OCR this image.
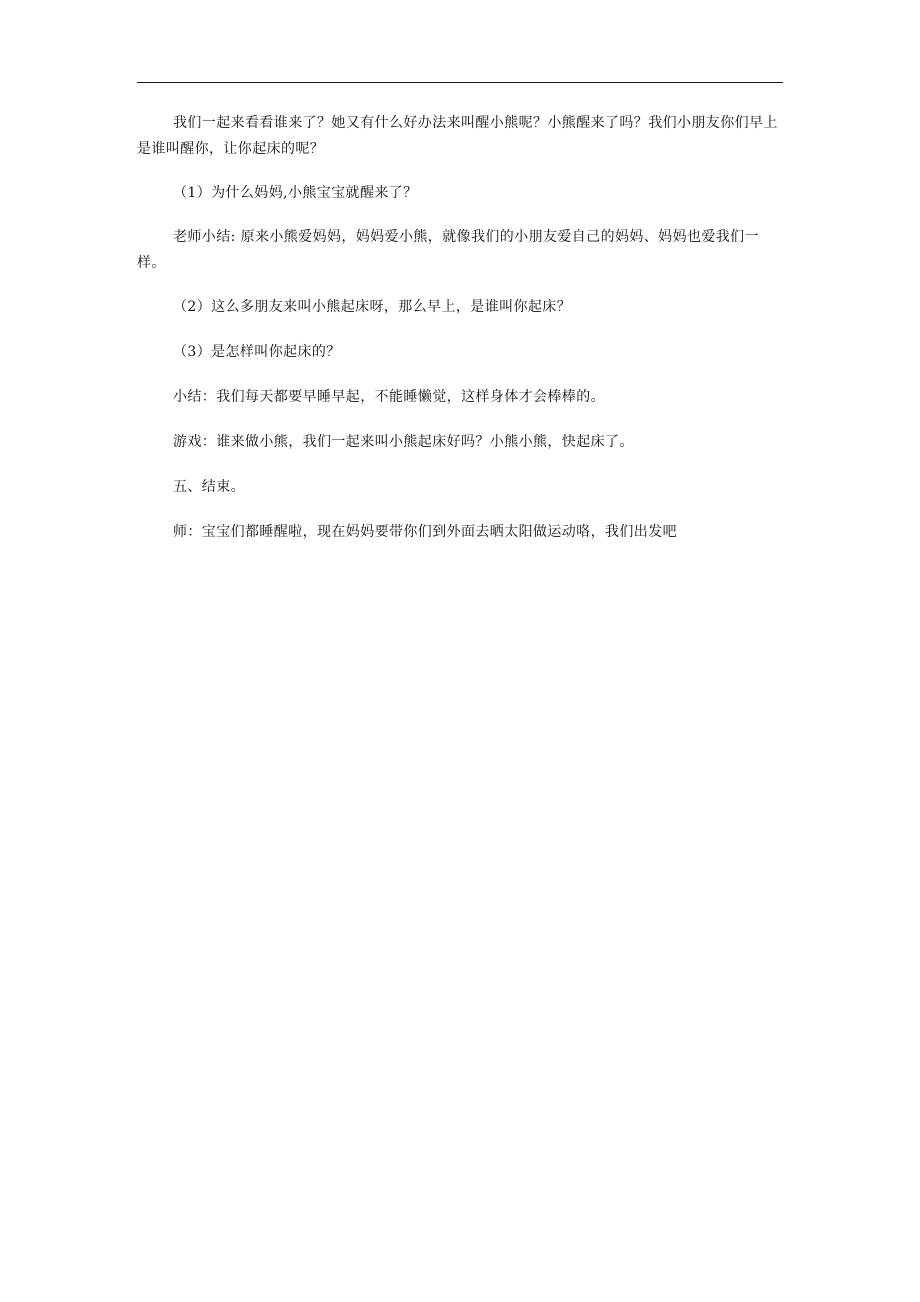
我们一起来看看谁来了？她又有什么好办法来叫醒小熊呢？小熊醒来了吗？我们小朋友你们早上是谁叫醒你，让你起床的呢？

（1）为什么妈妈,小熊宝宝就醒来了？

老师小结: 原来小熊爱妈妈，妈妈爱小熊，就像我们的小朋友爱自己的妈妈、妈妈也爱我们一样。

（2）这么多朋友来叫小熊起床呀，那么早上，是谁叫你起床？

（3）是怎样叫你起床的？

小结：我们每天都要早睡早起，不能睡懒觉，这样身体才会棒棒的。

游戏：谁来做小熊，我们一起来叫小熊起床好吗？小熊小熊，快起床了。

五、结束。

师：宝宝们都睡醒啦，现在妈妈要带你们到外面去晒太阳做运动咯，我们出发吧
